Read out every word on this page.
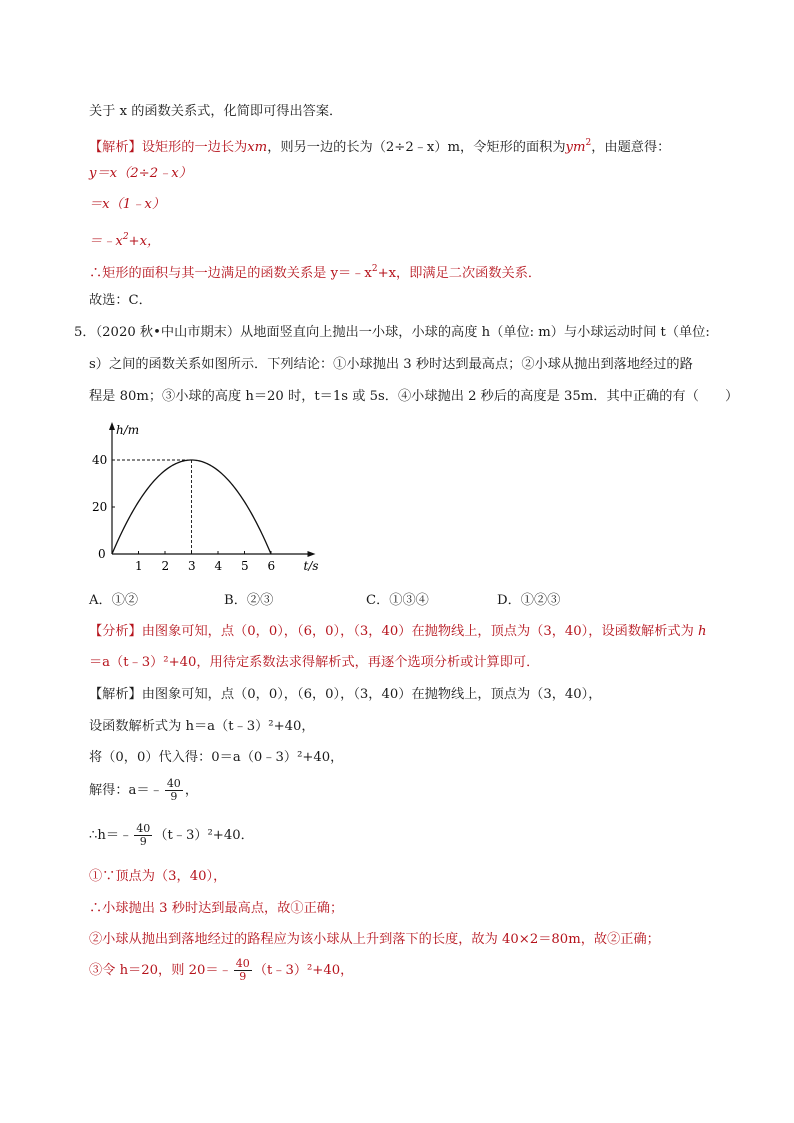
关于 x 的函数关系式，化简即可得出答案．
【解析】设矩形的一边长为xm，则另一边的长为（2÷2﹣x）m，令矩形的面积为$ym^2$，由题意得：
y＝x（2÷2﹣x）
＝x（1﹣x）
$=﹣x^2+x$，
∴矩形的面积与其一边满足的函数关系是 $y=﹣x^2+x$，即满足二次函数关系．
故选：C．
5．（2020 秋•中山市期末）从地面竖直向上抛出一小球，小球的高度 h（单位: m）与小球运动时间 t（单位:
s）之间的函数关系如图所示．下列结论：①小球抛出 3 秒时达到最高点；②小球从抛出到落地经过的路
程是 80m；③小球的高度 h＝20 时，t＝1s 或 5s．④小球抛出 2 秒后的高度是 35m．其中正确的有（　　）
h/m
t/s
0
1 2 3 4 5 6
20
40
A．①②	B．②③	C．①③④	D．①②③
【分析】由图象可知，点（0，0），（6，0），（3，40）在抛物线上，顶点为（3，40），设函数解析式为 h
＝a（t﹣3）²+40，用待定系数法求得解析式，再逐个选项分析或计算即可．
【解析】由图象可知，点（0，0），（6，0），（3，40）在抛物线上，顶点为（3，40），
设函数解析式为 h＝a（t﹣3）²+40，
将（0，0）代入得：0＝a（0﹣3）²+40，
解得：a＝﹣ $\frac{40}{9}$ ，
∴h＝﹣ $\frac{40}{9}$ （t﹣3）²+40．
①∵顶点为（3，40），
∴小球抛出 3 秒时达到最高点，故①正确；
②小球从抛出到落地经过的路程应为该小球从上升到落下的长度，故为 40×2＝80m，故②正确；
③令 h＝20，则 20＝﹣ $\frac{40}{9}$ （t﹣3）²+40，
